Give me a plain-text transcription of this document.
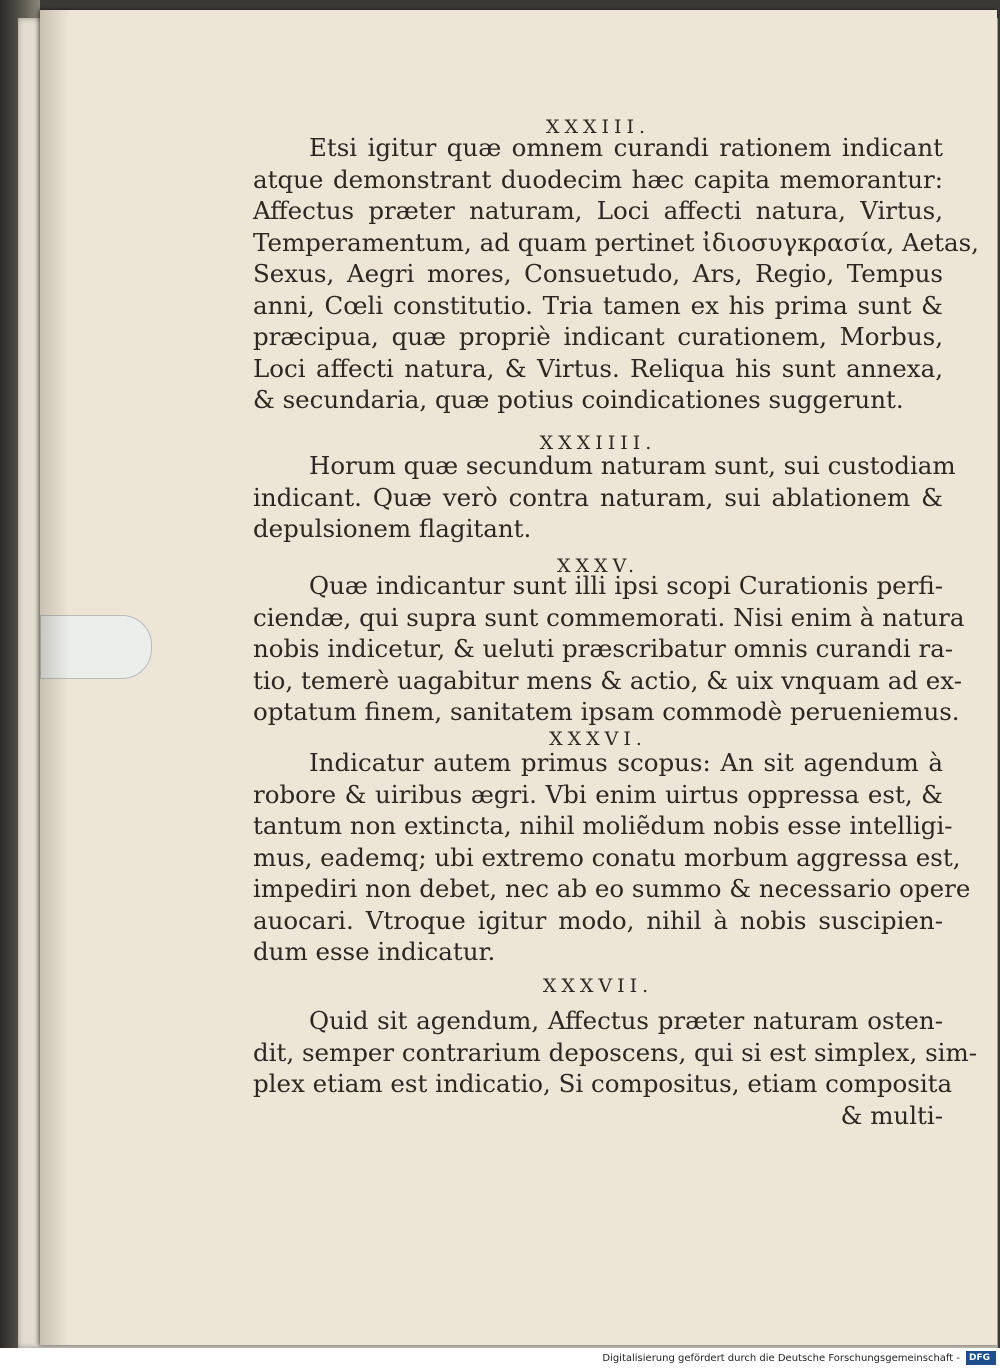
XXXIII.
Etsi igitur quæ omnem curandi rationem indicant
atque demonstrant duodecim hæc capita memorantur:
Affectus præter naturam, Loci affecti natura, Virtus,
Temperamentum, ad quam pertinet ἰδιοσυγκρασία, Aetas,
Sexus, Aegri mores, Consuetudo, Ars, Regio, Tempus
anni, Cœli constitutio. Tria tamen ex his prima sunt &
præcipua, quæ propriè indicant curationem, Morbus,
Loci affecti natura, & Virtus. Reliqua his sunt annexa,
& secundaria, quæ potius coindicationes suggerunt.
XXXIIII.
Horum quæ secundum naturam sunt, sui custodiam
indicant. Quæ verò contra naturam, sui ablationem &
depulsionem flagitant.
XXXV.
Quæ indicantur sunt illi ipsi scopi Curationis perfi-
ciendæ, qui supra sunt commemorati. Nisi enim à natura
nobis indicetur, & ueluti præscribatur omnis curandi ra-
tio, temerè uagabitur mens & actio, & uix vnquam ad ex-
optatum finem, sanitatem ipsam commodè perueniemus.
XXXVI.
Indicatur autem primus scopus: An sit agendum à
robore & uiribus ægri. Vbi enim uirtus oppressa est, &
tantum non extincta, nihil moliẽdum nobis esse intelligi-
mus, eademq; ubi extremo conatu morbum aggressa est,
impediri non debet, nec ab eo summo & necessario opere
auocari. Vtroque igitur modo, nihil à nobis suscipien-
dum esse indicatur.
XXXVII.
Quid sit agendum, Affectus præter naturam osten-
dit, semper contrarium deposcens, qui si est simplex, sim-
plex etiam est indicatio, Si compositus, etiam composita
& multi-
Digitalisierung gefördert durch die Deutsche Forschungsgemeinschaft - DFG
